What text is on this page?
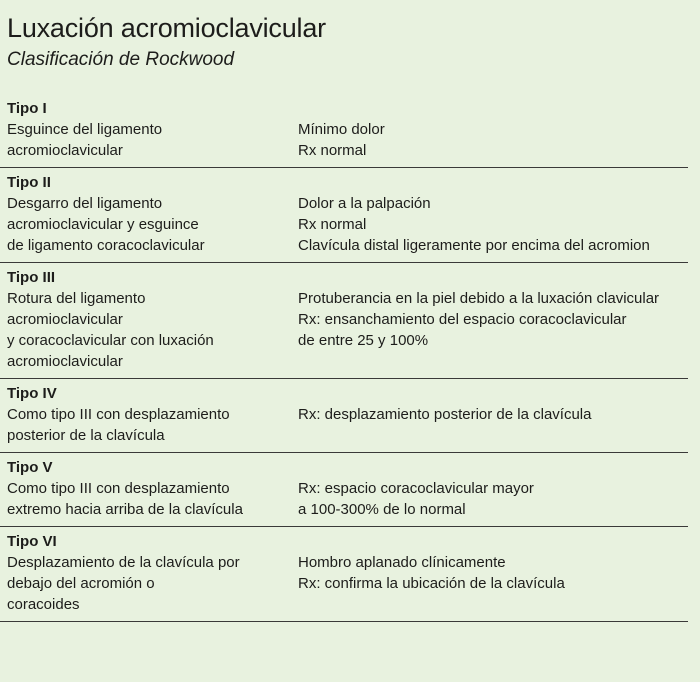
Luxación acromioclavicular
Clasificación de Rockwood
Tipo I
Esguince del ligamento
acromioclavicular
Mínimo dolor
Rx normal
Tipo II
Desgarro del ligamento
acromioclavicular y esguince
de ligamento coracoclavicular
Dolor a la palpación
Rx normal
Clavícula distal ligeramente por encima del acromion
Tipo III
Rotura del ligamento
acromioclavicular
y coracoclavicular con luxación
acromioclavicular
Protuberancia en la piel debido a la luxación clavicular
Rx: ensanchamiento del espacio coracoclavicular
de entre 25 y 100%
Tipo IV
Como tipo III con desplazamiento
posterior de la clavícula
Rx: desplazamiento posterior de la clavícula
Tipo V
Como tipo III con desplazamiento
extremo hacia arriba de la clavícula
Rx: espacio coracoclavicular mayor
a 100-300% de lo normal
Tipo VI
Desplazamiento de la clavícula por
debajo del acromión o
coracoides
Hombro aplanado clínicamente
Rx: confirma la ubicación de la clavícula
